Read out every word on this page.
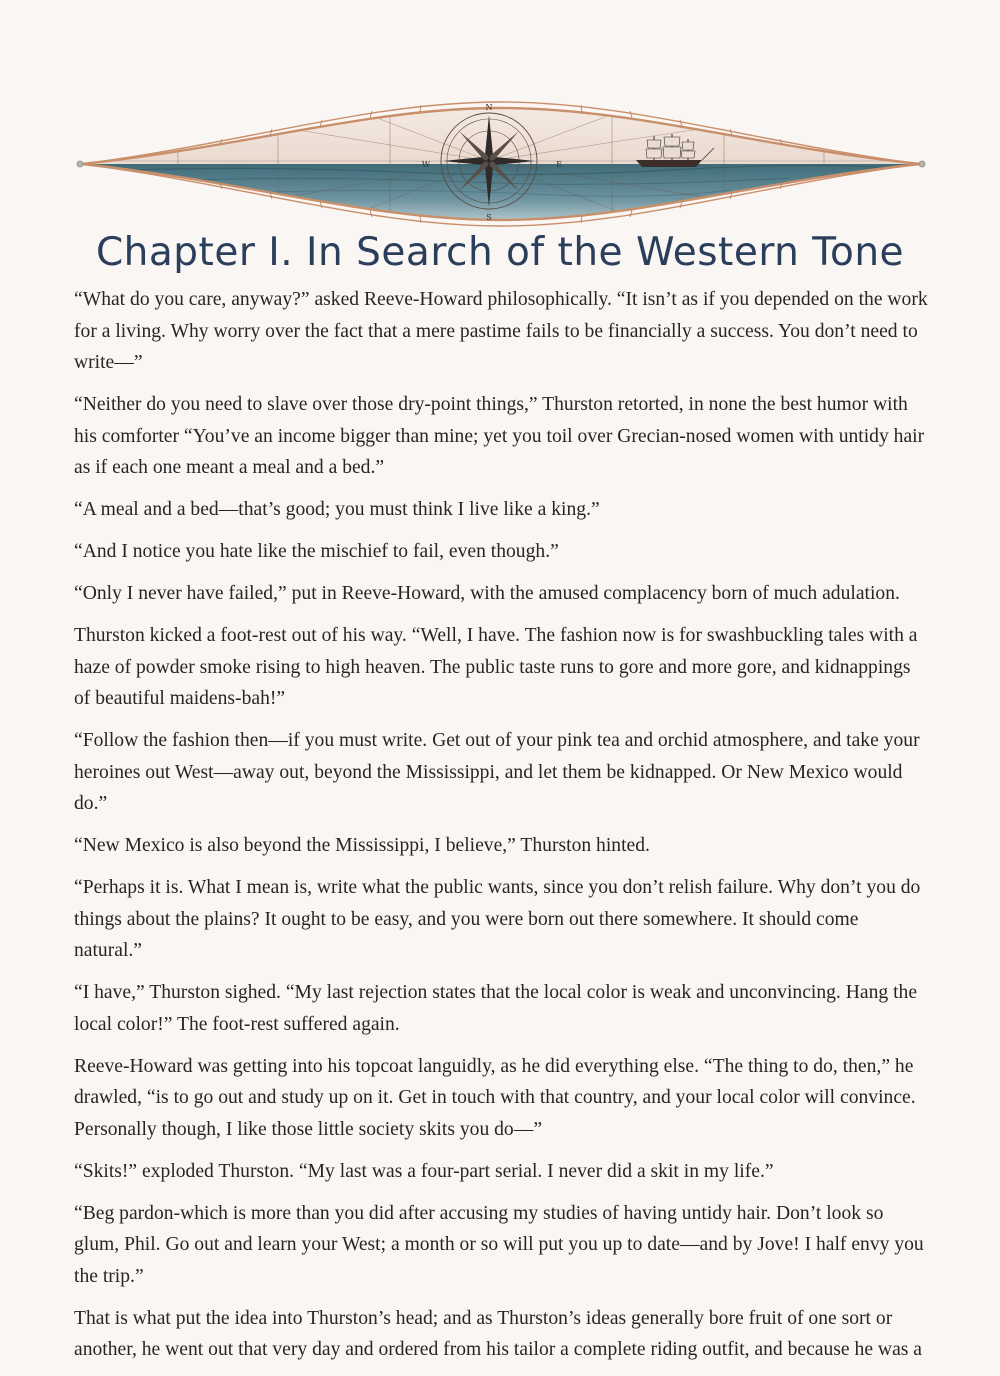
N
S
W	E
Chapter I. In Search of the Western Tone

“What do you care, anyway?” asked Reeve-Howard philosophically. “It isn’t as if you depended on the work for a living. Why worry over the fact that a mere pastime fails to be financially a success. You don’t need to write—”

“Neither do you need to slave over those dry-point things,” Thurston retorted, in none the best humor with his comforter “You’ve an income bigger than mine; yet you toil over Grecian-nosed women with untidy hair as if each one meant a meal and a bed.”

“A meal and a bed—that’s good; you must think I live like a king.”

“And I notice you hate like the mischief to fail, even though.”

“Only I never have failed,” put in Reeve-Howard, with the amused complacency born of much adulation.

Thurston kicked a foot-rest out of his way. “Well, I have. The fashion now is for swashbuckling tales with a haze of powder smoke rising to high heaven. The public taste runs to gore and more gore, and kidnappings of beautiful maidens-bah!”

“Follow the fashion then—if you must write. Get out of your pink tea and orchid atmosphere, and take your heroines out West—away out, beyond the Mississippi, and let them be kidnapped. Or New Mexico would do.”

“New Mexico is also beyond the Mississippi, I believe,” Thurston hinted.

“Perhaps it is. What I mean is, write what the public wants, since you don’t relish failure. Why don’t you do things about the plains? It ought to be easy, and you were born out there somewhere. It should come natural.”

“I have,” Thurston sighed. “My last rejection states that the local color is weak and unconvincing. Hang the local color!” The foot-rest suffered again.

Reeve-Howard was getting into his topcoat languidly, as he did everything else. “The thing to do, then,” he drawled, “is to go out and study up on it. Get in touch with that country, and your local color will convince. Personally though, I like those little society skits you do—”

“Skits!” exploded Thurston. “My last was a four-part serial. I never did a skit in my life.”

“Beg pardon-which is more than you did after accusing my studies of having untidy hair. Don’t look so glum, Phil. Go out and learn your West; a month or so will put you up to date—and by Jove! I half envy you the trip.”

That is what put the idea into Thurston’s head; and as Thurston’s ideas generally bore fruit of one sort or another, he went out that very day and ordered from his tailor a complete riding outfit, and because he was a
